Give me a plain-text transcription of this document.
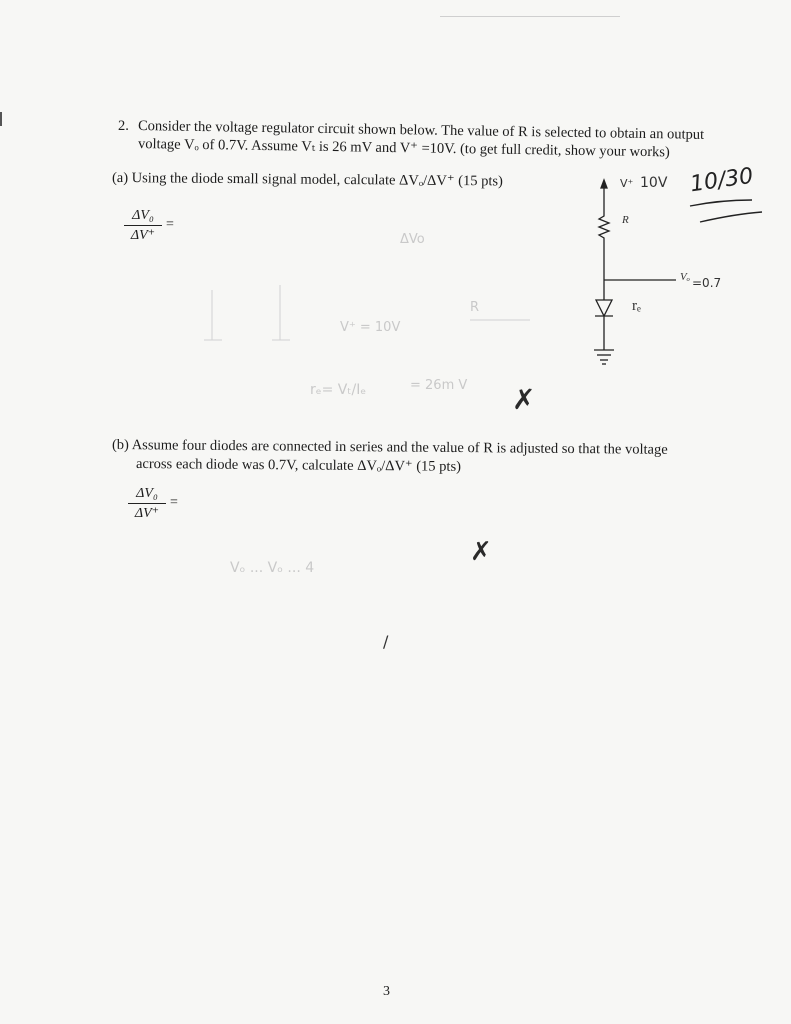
2. Consider the voltage regulator circuit shown below. The value of R is selected to obtain an output
voltage Vₒ of 0.7V. Assume Vₜ is 26 mV and V⁺ =10V. (to get full credit, show your works)
(a) Using the diode small signal model, calculate ΔVₒ/ΔV⁺ (15 pts)
ΔV₀
ΔV⁺
=
10/30
V⁺ 10V
R
Vₒ =0.7
rₑ
ΔVo
V⁺ = 10V
R
rₑ= Vₜ/Iₑ	= 26m V
Vₒ ... Vₒ ... 4
✗
(b) Assume four diodes are connected in series and the value of R is adjusted so that the voltage
across each diode was 0.7V, calculate ΔVₒ/ΔV⁺ (15 pts)
ΔV₀
ΔV⁺
=
✗
/
3
